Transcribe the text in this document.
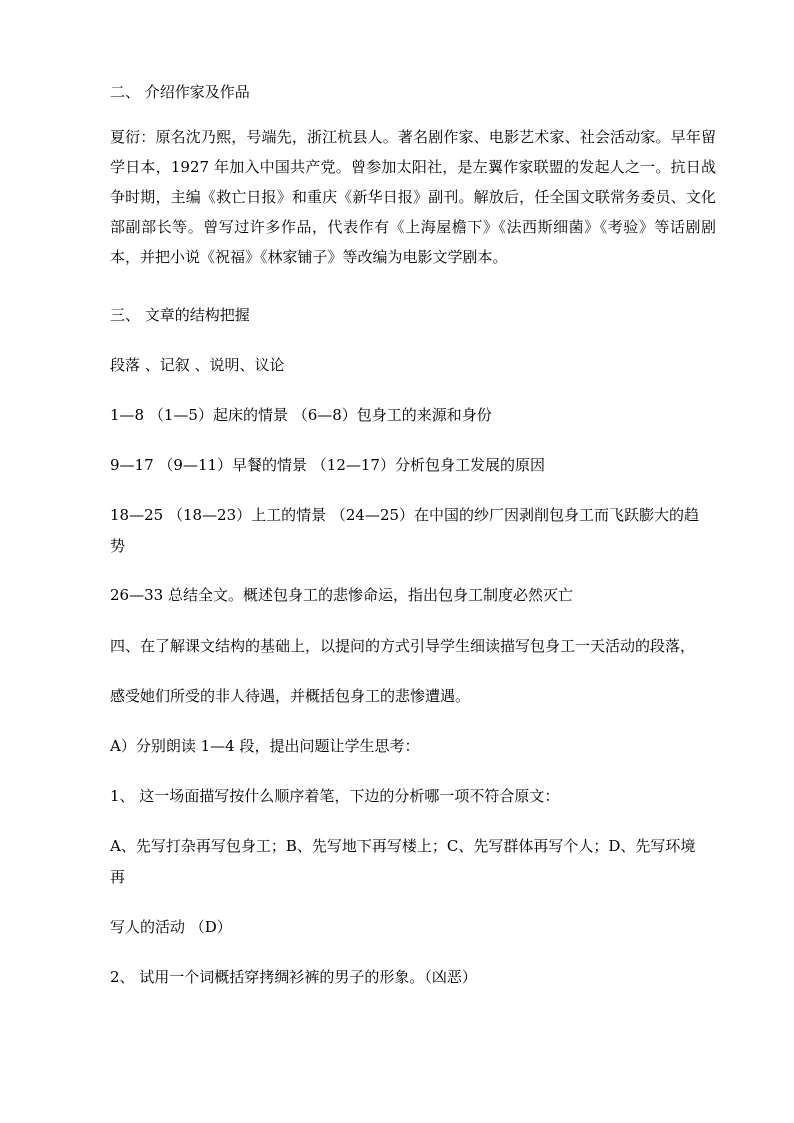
二、 介绍作家及作品
夏衍：原名沈乃熙，号端先，浙江杭县人。著名剧作家、电影艺术家、社会活动家。早年留学日本，1927 年加入中国共产党。曾参加太阳社，是左翼作家联盟的发起人之一。抗日战争时期，主编《救亡日报》和重庆《新华日报》副刊。解放后，任全国文联常务委员、文化部副部长等。曾写过许多作品，代表作有《上海屋檐下》《法西斯细菌》《考验》等话剧剧本，并把小说《祝福》《林家铺子》等改编为电影文学剧本。
三、 文章的结构把握
段落 、记叙 、说明、议论
1—8 （1—5）起床的情景 （6—8）包身工的来源和身份
9—17 （9—11）早餐的情景 （12—17）分析包身工发展的原因
18—25 （18—23）上工的情景 （24—25）在中国的纱厂因剥削包身工而飞跃膨大的趋
势
26—33 总结全文。概述包身工的悲惨命运，指出包身工制度必然灭亡
四、在了解课文结构的基础上，以提问的方式引导学生细读描写包身工一天活动的段落，
感受她们所受的非人待遇，并概括包身工的悲惨遭遇。
A）分别朗读 1—4 段，提出问题让学生思考：
1、 这一场面描写按什么顺序着笔，下边的分析哪一项不符合原文：
A、先写打杂再写包身工；B、先写地下再写楼上；C、先写群体再写个人；D、先写环境
再
写人的活动 （D）
2、 试用一个词概括穿拷绸衫裤的男子的形象。（凶恶）
